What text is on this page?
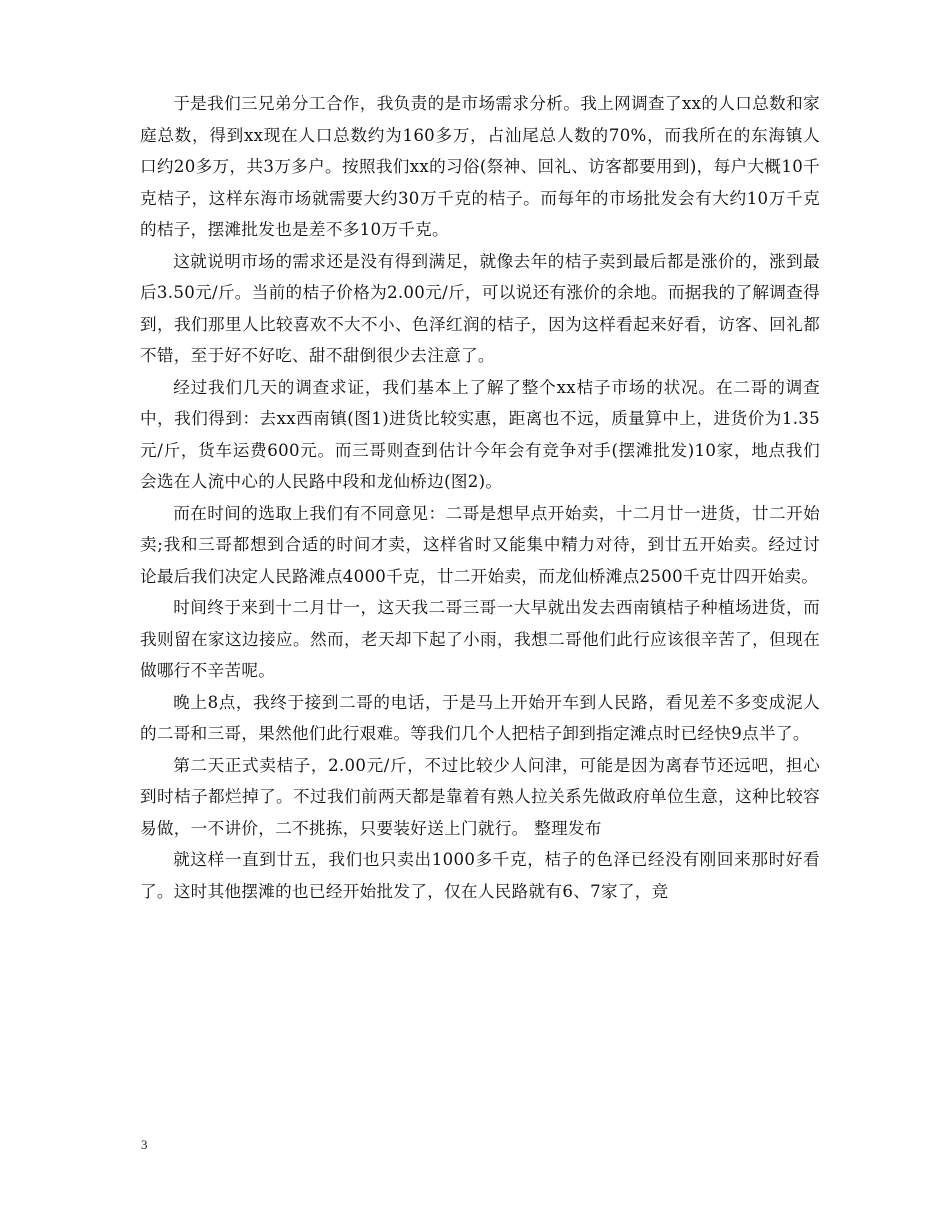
于是我们三兄弟分工合作，我负责的是市场需求分析。我上网调查了xx的人口总数和家庭总数，得到xx现在人口总数约为160多万，占汕尾总人数的70%，而我所在的东海镇人口约20多万，共3万多户。按照我们xx的习俗(祭神、回礼、访客都要用到)，每户大概10千克桔子，这样东海市场就需要大约30万千克的桔子。而每年的市场批发会有大约10万千克的桔子，摆滩批发也是差不多10万千克。

这就说明市场的需求还是没有得到满足，就像去年的桔子卖到最后都是涨价的，涨到最后3.50元/斤。当前的桔子价格为2.00元/斤，可以说还有涨价的余地。而据我的了解调查得到，我们那里人比较喜欢不大不小、色泽红润的桔子，因为这样看起来好看，访客、回礼都不错，至于好不好吃、甜不甜倒很少去注意了。

经过我们几天的调查求证，我们基本上了解了整个xx桔子市场的状况。在二哥的调查中，我们得到：去xx西南镇(图1)进货比较实惠，距离也不远，质量算中上，进货价为1.35元/斤，货车运费600元。而三哥则查到估计今年会有竞争对手(摆滩批发)10家，地点我们会选在人流中心的人民路中段和龙仙桥边(图2)。

而在时间的选取上我们有不同意见：二哥是想早点开始卖，十二月廿一进货，廿二开始卖;我和三哥都想到合适的时间才卖，这样省时又能集中精力对待，到廿五开始卖。经过讨论最后我们决定人民路滩点4000千克，廿二开始卖，而龙仙桥滩点2500千克廿四开始卖。

时间终于来到十二月廿一，这天我二哥三哥一大早就出发去西南镇桔子种植场进货，而我则留在家这边接应。然而，老天却下起了小雨，我想二哥他们此行应该很辛苦了，但现在做哪行不辛苦呢。

晚上8点，我终于接到二哥的电话，于是马上开始开车到人民路，看见差不多变成泥人的二哥和三哥，果然他们此行艰难。等我们几个人把桔子卸到指定滩点时已经快9点半了。

第二天正式卖桔子，2.00元/斤，不过比较少人问津，可能是因为离春节还远吧，担心到时桔子都烂掉了。不过我们前两天都是靠着有熟人拉关系先做政府单位生意，这种比较容易做，一不讲价，二不挑拣，只要装好送上门就行。 整理发布

就这样一直到廿五，我们也只卖出1000多千克，桔子的色泽已经没有刚回来那时好看了。这时其他摆滩的也已经开始批发了，仅在人民路就有6、7家了，竞

3
